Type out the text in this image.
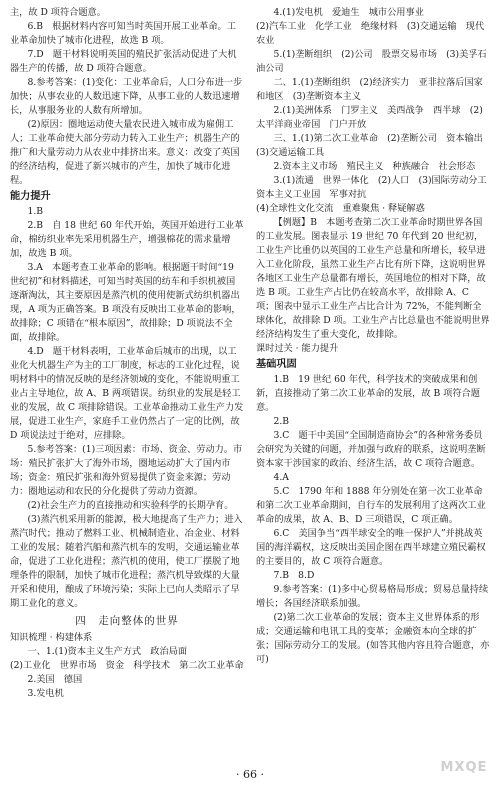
主，故 D 项符合题意。

6.B　根据材料内容可知当时英国开展工业革命。工业革命加快了城市化进程，故选 B 项。

7.D　题干材料说明英国的殖民扩张活动促进了大机器生产的传播，故 D 项符合题意。

8.参考答案：(1)变化：工业革命后，人口分布进一步加快；从事农业的人数迅速下降，从事工业的人数迅速增长，从事服务业的人数有所增加。

(2)原因：圈地运动使大量农民进入城市成为雇佣工人；工业革命使大部分劳动力转入工业生产；机器生产的推广和大量劳动力从农业中排挤出来。意义：改变了英国的经济结构，促进了新兴城市的产生，加快了城市化进程。

能力提升

1.B

2.B　自 18 世纪 60 年代开始，英国开始进行工业革命，棉纺织业率先采用机器生产，增强棉花的需求量增加，故选 B 项。

3.A　本题考查工业革命的影响。根据题干时间“19 世纪初”和材料描述，可知当时英国的纺车和手织机被国逐渐淘汰，其主要原因是蒸汽机的使用使新式纺织机器出现，A 项为正确答案。B 项没有反映出工业革命的影响，故排除；C 项错在“根本原因”，故排除；D 项说法不全面，故排除。

4.D　题干材料表明，工业革命后城市的出现，以工业化大机器生产为主的工厂制度，标志的工业化过程，说明材料中的情况反映的是经济领域的变化，不能说明重工业占主导地位，故 A、B 两项错误。纺织业的发展是轻工业的发展，故 C 项排除错误。工业革命推动工业生产力发展，促进工业生产，家庭手工业仍然占了一定的比例，故 D 项说法过于绝对，应排除。

5.参考答案：(1)三项因素：市场、资金、劳动力。市场：殖民扩张扩大了海外市场，圈地运动扩大了国内市场；资金：殖民扩张和海外贸易提供了资金来源；劳动力：圈地运动和农民的分化提供了劳动力资源。

(2)社会生产力的直接推动和实验科学的长期孕育。

(3)蒸汽机采用新的能源，极大地提高了生产力；进入蒸汽时代；推动了燃料工业、机械制造业、冶金业、材料工业的发展；随着汽船和蒸汽机车的发明，交通运输业革命，促进了工业化进程；蒸汽机的使用，使工厂摆脱了地理条件的限制，加快了城市化进程；蒸汽机导致煤的大量开采和使用，酿成了环境污染；实际上已向人类昭示了早期工业化的意义。

四　走向整体的世界

知识梳理 · 构建体系

一、1.(1)资本主义生产方式　政治局面

(2)工业化　世界市场　资金　科学技术　第二次工业革命

2.美国　德国

3.发电机

4.(1)发电机　爱迪生　城市公用事业

(2)汽车工业　化学工业　绝缘材料　(3)交通运输　现代农业

5.(1)垄断组织　(2)公司　股票交易市场　(3)美孚石油公司

二、1.(1)垄断组织　(2)经济实力　亚非拉落后国家和地区　(3)垄断资本主义

2.(1)美洲体系　门罗主义　美西战争　西半球　(2)太平洋商业帝国　门户开放

三、1.(1)第二次工业革命　(2)垄断公司　资本输出　(3)交通运输工具

2.资本主义市场　殖民主义　种族融合　社会形态

3.(1)流通　世界一体化　(2)人口　(3)国际劳动分工　资本主义工业国　军事对抗

(4)全球性文化交流　重难聚焦 · 释疑解惑

【例题】B　本题考查第二次工业革命时期世界各国的工业发展。图表显示 19 世纪 70 年代到 20 世纪初，工业生产比重仍以英国的工业生产总量和所增长，较早进入工业化阶段，虽然工业生产占比有所下降，这说明世界各地区工业生产总量都有增长，英国地位的相对下降，故选 B 项。工业生产占比仍在较高水平，故排除 A、C 项；图表中显示工业生产占比合计为 72%，不能判断全球体化，故排除 D 项。工业生产占比总量也不能说明世界经济结构发生了重大变化，故排除。

课时过关 · 能力提升

基础巩固

1.B　19 世纪 60 年代，科学技术的突破成果和创新，直接推动了第二次工业革命的发展，故 B 项符合题意。

2.B

3.C　题干中美国“全国制造商协会”的各种常务委员会研究为关键的问题，并加强与政府的联系，这说明垄断资本家干涉国家的政治、经济生活，故 C 项符合题意。

4.A

5.C　1790 年和 1888 年分别处在第一次工业革命和第二次工业革命期间，自行车的发展利用了这两次工业革命的成果，故 A、B、D 三项错误，C 项正确。

6.C　美国争当“西半球安全的唯一保护人”并挑战英国的海洋霸权，这反映出美国企图在西半球建立殖民霸权的主要目的，故 C 项符合题意。

7.B　8.D

9.参考答案：(1)多中心贸易格局形成；贸易总量持续增长；各国经济联系加强。

(2)第二次工业革命的发展；资本主义世界体系的形成；交通运输和电讯工具的变革；金融资本向全球的扩张；国际劳动分工的发展。(如答其他内容且符合题意，亦可)

· 66 ·	MXQE
